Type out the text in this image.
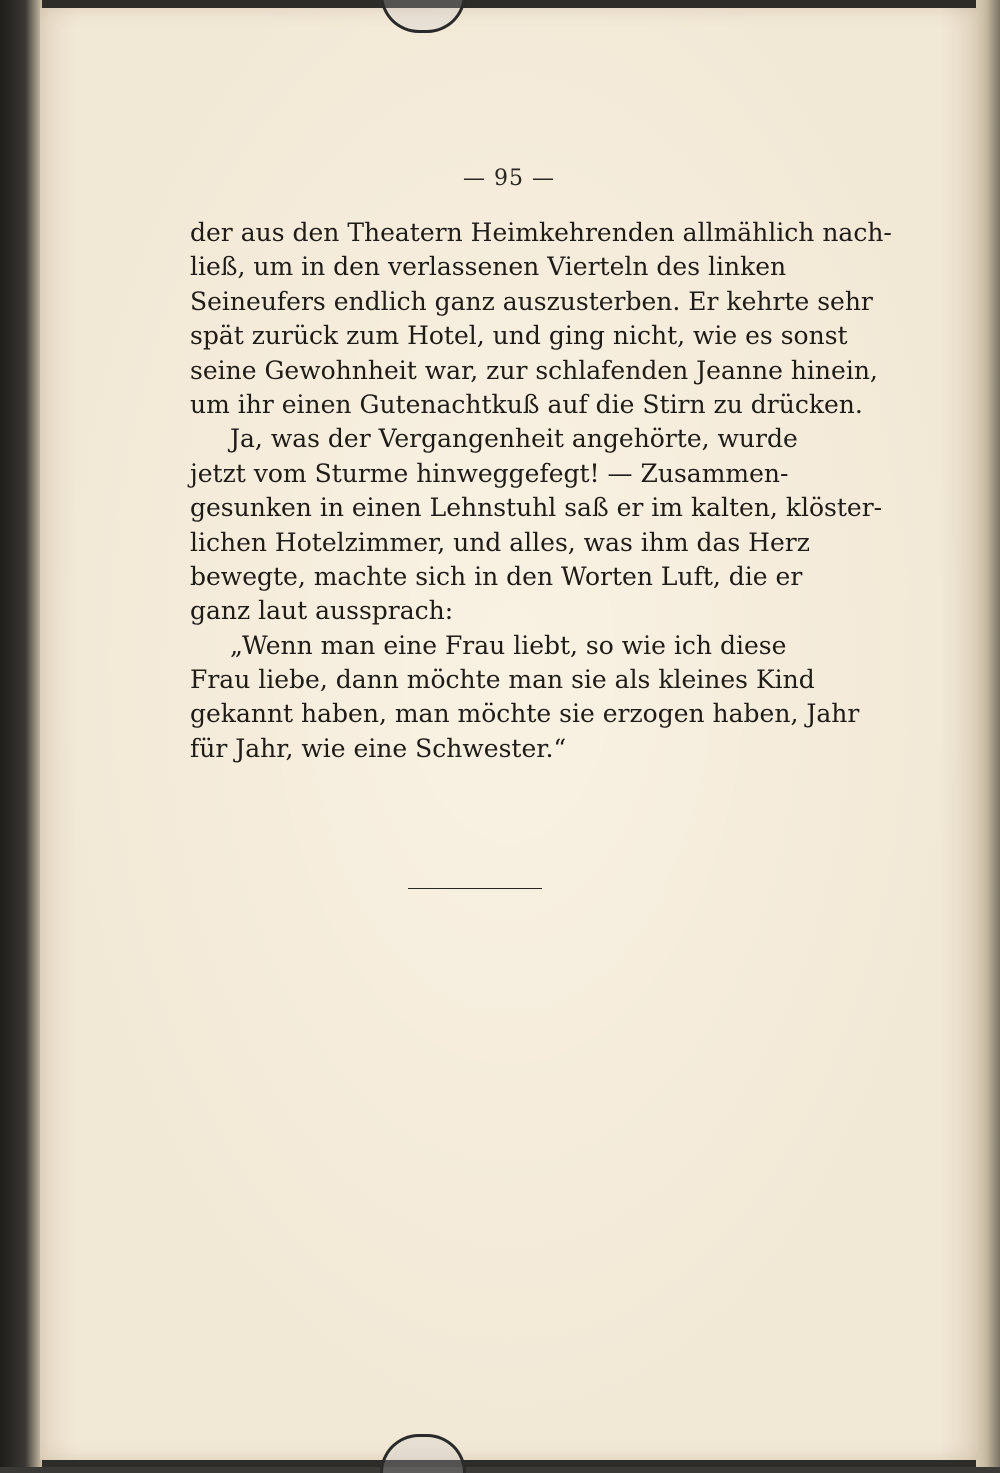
— 95 —
der aus den Theatern Heimkehrenden allmählich nach-
ließ, um in den verlassenen Vierteln des linken
Seineufers endlich ganz auszusterben. Er kehrte sehr
spät zurück zum Hotel, und ging nicht, wie es sonst
seine Gewohnheit war, zur schlafenden Jeanne hinein,
um ihr einen Gutenachtkuß auf die Stirn zu drücken.
Ja, was der Vergangenheit angehörte, wurde
jetzt vom Sturme hinweggefegt! — Zusammen-
gesunken in einen Lehnstuhl saß er im kalten, klöster-
lichen Hotelzimmer, und alles, was ihm das Herz
bewegte, machte sich in den Worten Luft, die er
ganz laut aussprach:
„Wenn man eine Frau liebt, so wie ich diese
Frau liebe, dann möchte man sie als kleines Kind
gekannt haben, man möchte sie erzogen haben, Jahr
für Jahr, wie eine Schwester.“
